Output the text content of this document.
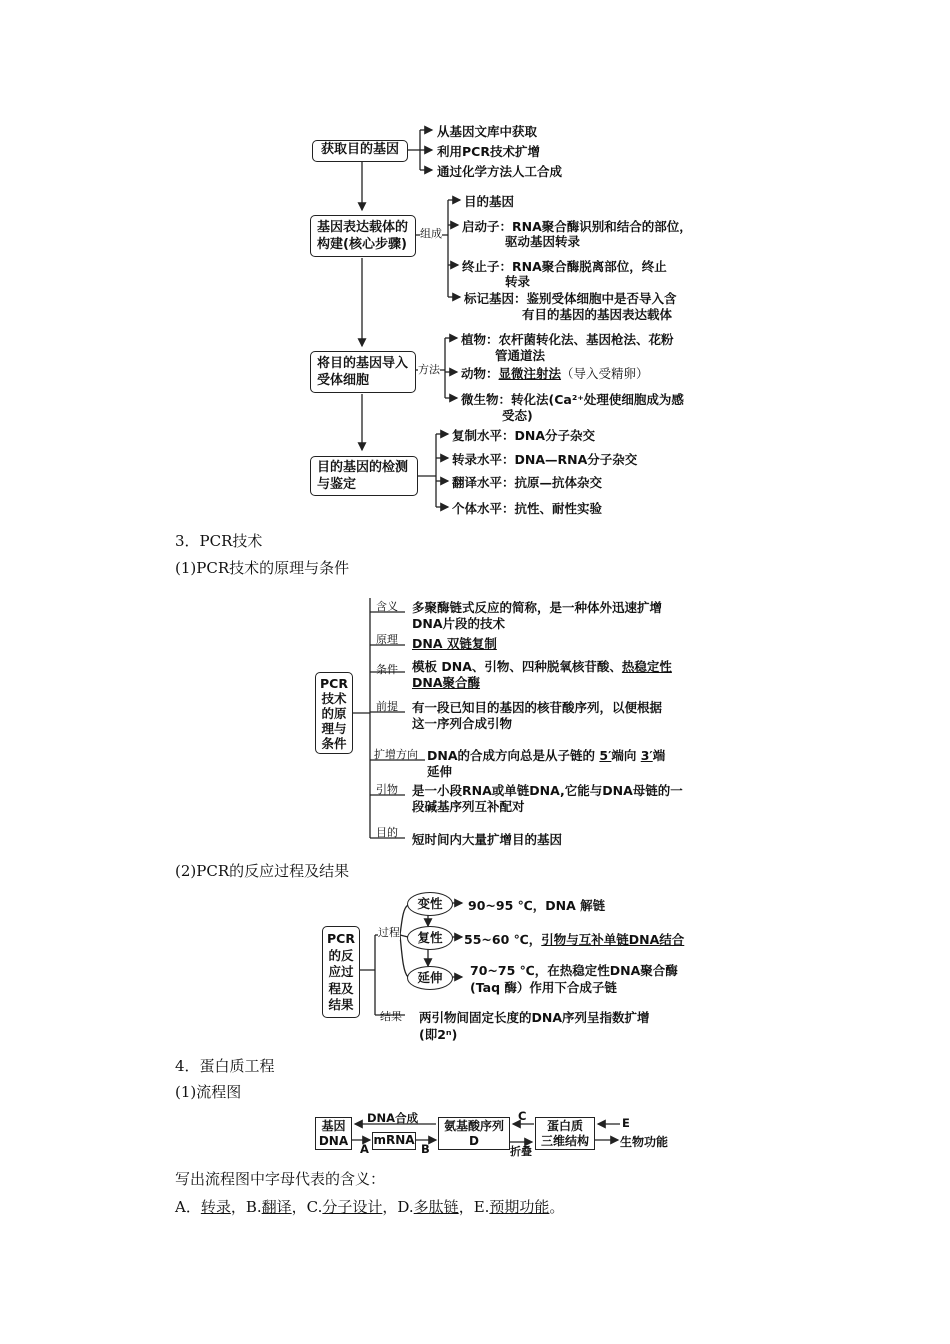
获取目的基因
基因表达载体的
构建(核心步骤)
将目的基因导入
受体细胞
目的基因的检测
与鉴定
从基因文库中获取
利用PCR技术扩增
通过化学方法人工合成
组成
目的基因
启动子：RNA聚合酶识别和结合的部位，
驱动基因转录
终止子：RNA聚合酶脱离部位，终止
转录
标记基因：鉴别受体细胞中是否导入含
有目的基因的基因表达载体
方法
植物：农杆菌转化法、基因枪法、花粉
管通道法
动物：显微注射法（导入受精卵）
微生物：转化法(Ca²⁺处理使细胞成为感
受态)
复制水平：DNA分子杂交
转录水平：DNA—RNA分子杂交
翻译水平：抗原—抗体杂交
个体水平：抗性、耐性实验
3．PCR技术
(1)PCR技术的原理与条件
PCR
技术
的原
理与
条件
含义 多聚酶链式反应的简称，是一种体外迅速扩增
DNA片段的技术
原理 DNA 双链复制
条件 模板 DNA、引物、四种脱氧核苷酸、热稳定性
DNA聚合酶
前提 有一段已知目的基因的核苷酸序列，以便根据
这一序列合成引物
扩增方向 DNA的合成方向总是从子链的 5′端向 3′端
延伸
引物 是一小段RNA或单链DNA,它能与DNA母链的一
段碱基序列互补配对
目的 短时间内大量扩增目的基因
(2)PCR的反应过程及结果
PCR
的反
应过
程及
结果
过程
结果
变性
复性
延伸
90~95 ℃，DNA 解链
55~60 ℃，引物与互补单链DNA结合
70~75 ℃，在热稳定性DNA聚合酶
(Taq 酶）作用下合成子链
两引物间固定长度的DNA序列呈指数扩增
(即2ⁿ)
4．蛋白质工程
(1)流程图
基因
DNA
DNA合成
A
mRNA
B
氨基酸序列
D
C
折叠
蛋白质
三维结构
E
生物功能
写出流程图中字母代表的含义：
A．转录，B.翻译，C.分子设计，D.多肽链，E.预期功能。
